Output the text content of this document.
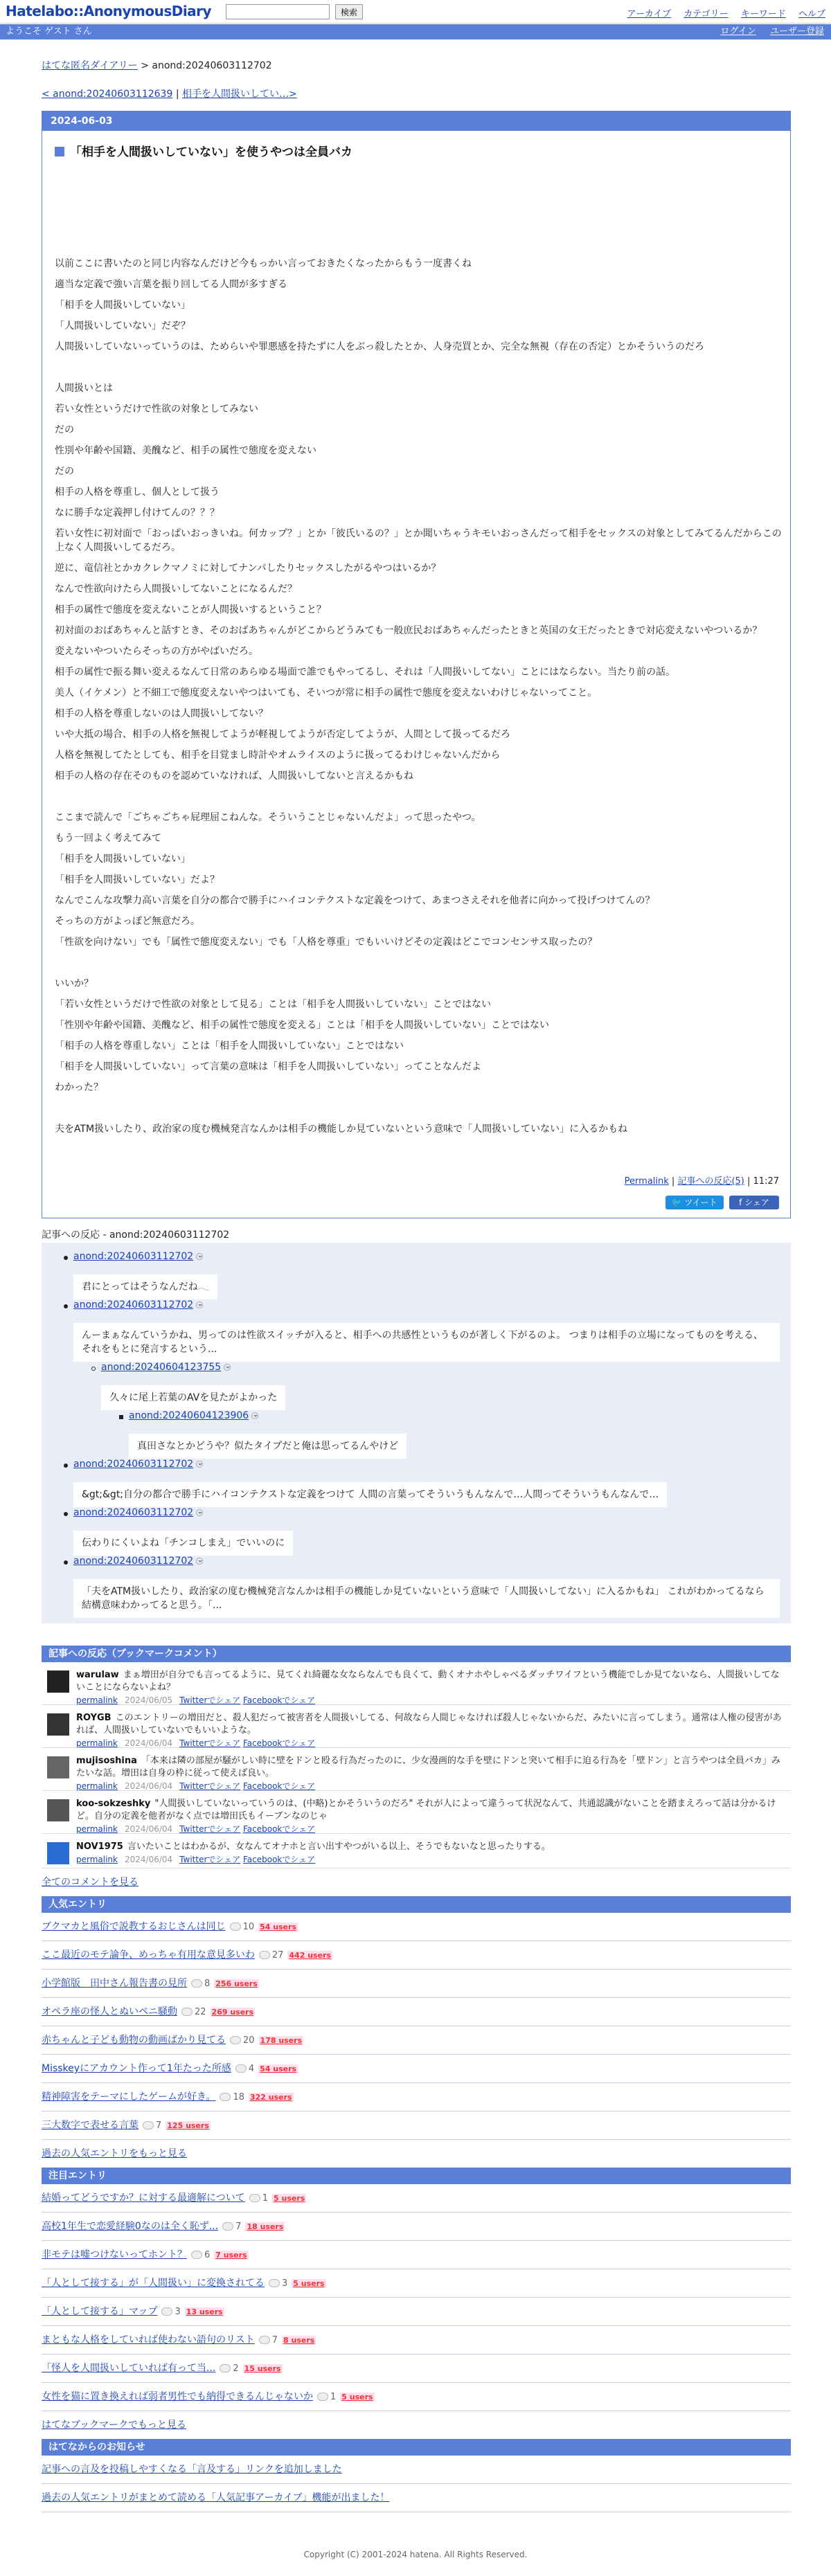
Hatelabo::AnonymousDiary	検索	アーカイブ カテゴリー キーワード ヘルプ
ようこそ ゲスト さん	ログイン ユーザー登録
はてな匿名ダイアリー > anond:20240603112702
< anond:20240603112639 | 相手を人間扱いしてい…>
2024-06-03
「相手を人間扱いしていない」を使うやつは全員バカ

以前ここに書いたのと同じ内容なんだけど今もっかい言っておきたくなったからもう一度書くね

適当な定義で強い言葉を振り回してる人間が多すぎる

「相手を人間扱いしていない」

「人間扱いしていない」だぞ？

人間扱いしていないっていうのは、ためらいや罪悪感を持たずに人をぶっ殺したとか、人身売買とか、完全な無視（存在の否定）とかそういうのだろ

人間扱いとは

若い女性というだけで性欲の対象としてみない

だの

性別や年齢や国籍、美醜など、相手の属性で態度を変えない

だの

相手の人格を尊重し、個人として扱う

なに勝手な定義押し付けてんの？？？

若い女性に初対面で「おっぱいおっきいね。何カップ？」とか「彼氏いるの？」とか聞いちゃうキモいおっさんだって相手をセックスの対象としてみてるんだからこの上なく人間扱いしてるだろ。

逆に、竜信社とかカクレクマノミに対してナンパしたりセックスしたがるやつはいるか？

なんで性欲向けたら人間扱いしてないことになるんだ？

相手の属性で態度を変えないことが人間扱いするということ？

初対面のおばあちゃんと話すとき、そのおばあちゃんがどこからどうみても一般庶民おばあちゃんだったときと英国の女王だったときで対応変えないやついるか？

変えないやついたらそっちの方がやばいだろ。

相手の属性で振る舞い変えるなんて日常のあらゆる場面で誰でもやってるし、それは「人間扱いしてない」ことにはならない。当たり前の話。

美人（イケメン）と不細工で態度変えないやつはいても、そいつが常に相手の属性で態度を変えないわけじゃないってこと。

相手の人格を尊重しないのは人間扱いしてない？

いや大抵の場合、相手の人格を無視してようが軽視してようが否定してようが、人間として扱ってるだろ

人格を無視してたとしても、相手を目覚まし時計やオムライスのように扱ってるわけじゃないんだから

相手の人格の存在そのものを認めていなければ、人間扱いしてないと言えるかもね

ここまで読んで「ごちゃごちゃ屁理屈こねんな。そういうことじゃないんだよ」って思ったやつ。

もう一回よく考えてみて

「相手を人間扱いしていない」

「相手を人間扱いしていない」だよ？

なんでこんな攻撃力高い言葉を自分の都合で勝手にハイコンテクストな定義をつけて、あまつさえそれを他者に向かって投げつけてんの？

そっちの方がよっぽど無意だろ。

「性欲を向けない」でも「属性で態度変えない」でも「人格を尊重」でもいいけどその定義はどこでコンセンサス取ったの？

いいか？

「若い女性というだけで性欲の対象として見る」ことは「相手を人間扱いしていない」ことではない

「性別や年齢や国籍、美醜など、相手の属性で態度を変える」ことは「相手を人間扱いしていない」ことではない

「相手の人格を尊重しない」ことは「相手を人間扱いしていない」ことではない

「相手を人間扱いしていない」って言葉の意味は「相手を人間扱いしていない」ってことなんだよ

わかった？

夫をATM扱いしたり、政治家の度む機械発言なんかは相手の機能しか見ていないという意味で「人間扱いしていない」に入るかもね

Permalink | 記事への反応(5) | 11:27
🐦 ツイート	f シェア
記事への反応 - anond:20240603112702
anond:20240603112702
君にとってはそうなんだね𓂃
anond:20240603112702
んーまぁなんていうかね、男ってのは性欲スイッチが入ると、相手への共感性というものが著しく下がるのよ。 つまりは相手の立場になってものを考える、それをもとに発言するという...
anond:20240604123755
久々に尾上若葉のAVを見たがよかった
anond:20240604123906
真田さなとかどうや？似たタイプだと俺は思ってるんやけど
anond:20240603112702
&gt;&gt;自分の都合で勝手にハイコンテクストな定義をつけて 人間の言葉ってそういうもんなんで…人間ってそういうもんなんで…
anond:20240603112702
伝わりにくいよね「チンコしまえ」でいいのに
anond:20240603112702
「夫をATM扱いしたり、政治家の度む機械発言なんかは相手の機能しか見ていないという意味で「人間扱いしてない」に入るかもね」 これがわかってるなら結構意味わかってると思う。「...
記事への反応（ブックマークコメント）
warulaw まぁ増田が自分でも言ってるように、見てくれ綺麗な女ならなんでも良くて、動くオナホやしゃべるダッチワイフという機能でしか見てないなら、人間扱いしてないことにならないよね？
permalink 2024/06/05 Twitterでシェア Facebookでシェア
ROYGB このエントリーの増田だと、殺人犯だって被害者を人間扱いしてる、何故なら人間じゃなければ殺人じゃないからだ、みたいに言ってしまう。通常は人権の侵害があれば、人間扱いしていないでもいいような。
permalink 2024/06/04 Twitterでシェア Facebookでシェア
mujisoshina 「本来は隣の部屋が騒がしい時に壁をドンと殴る行為だったのに、少女漫画的な手を壁にドンと突いて相手に迫る行為を「壁ドン」と言うやつは全員バカ」みたいな話。増田は自身の枠に従って使えば良い。
permalink 2024/06/04 Twitterでシェア Facebookでシェア
koo-sokzeshky "人間扱いしていないっていうのは、(中略)とかそういうのだろ" それが人によって違うって状況なんて、共通認識がないことを踏まえろって話は分かるけど。自分の定義を他者がなく点では増田氏もイーブンなのじゃ
permalink 2024/06/04 Twitterでシェア Facebookでシェア
NOV1975 言いたいことはわかるが、女なんてオナホと言い出すやつがいる以上、そうでもないなと思ったりする。
permalink 2024/06/04 Twitterでシェア Facebookでシェア
全てのコメントを見る
人気エントリ
ブクマカと風俗で説教するおじさんは同じ 10 54 users
ここ最近のモテ論争、めっちゃ有用な意見多いわ 27 442 users
小学館版　田中さん報告書の見所 8 256 users
オペラ座の怪人とぬいペニ騒動 22 269 users
赤ちゃんと子ども動物の動画ばかり見てる 20 178 users
Misskeyにアカウント作って1年たった所感 4 54 users
精神障害をテーマにしたゲームが好き。 18 322 users
三大数字で表せる言葉 7 125 users
過去の人気エントリをもっと見る
注目エントリ
結婚ってどうですか？に対する最適解について 1 5 users
高校1年生で恋愛経験0なのは全く恥ず... 7 18 users
非モテは嘘つけないってホント？ 6 7 users
「人として接する」が「人間扱い」に変換されてる 3 5 users
「人として接する」マップ 3 13 users
まともな人格をしていれば使わない語句のリスト 7 8 users
「怪人を人間扱いしていれば有って当... 2 15 users
女性を猫に置き換えれば弱者男性でも納得できるんじゃないか 1 5 users
はてなブックマークでもっと見る
はてなからのお知らせ
記事への言及を投稿しやすくなる「言及する」リンクを追加しました
過去の人気エントリがまとめて読める「人気記事アーカイブ」機能が出ました！
Copyright (C) 2001-2024 hatena. All Rights Reserved.
